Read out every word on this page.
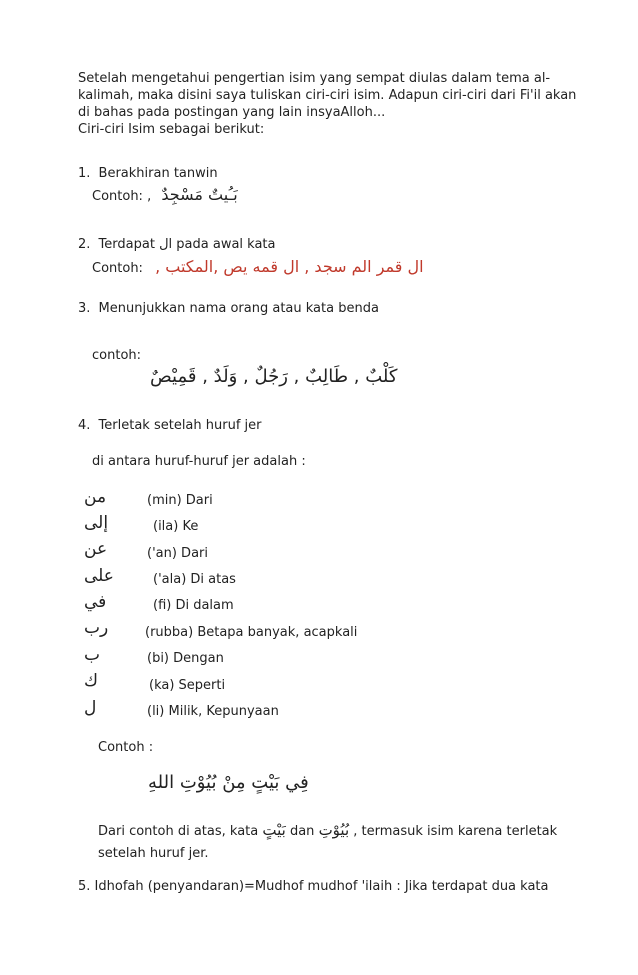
Setelah mengetahui pengertian isim yang sempat diulas dalam tema al-

kalimah, maka disini saya tuliskan ciri-ciri isim. Adapun ciri-ciri dari Fi'il akan

di bahas pada postingan yang lain insyaAlloh...

Ciri-ciri Isim sebagai berikut:

1. Berakhiran tanwin
Contoh: , بَـُيتٌ مَسْجِدٌ
2. Terdapat ال pada awal kata
Contoh: ال قمر الم سجد , ال قمه يص ,المكتب ,
3. Menunjukkan nama orang atau kata benda
contoh:
كَلْبٌ , طَالِبٌ , رَجُلٌ , وَلَدٌ , قَمِيْصٌ
4. Terletak setelah huruf jer
di antara huruf-huruf jer adalah :
من	(min) Dari
إلى	(ila) Ke
عن	('an) Dari
على	('ala) Di atas
في	(fi) Di dalam
رب	(rubba) Betapa banyak, acapkali
ب	(bi) Dengan
ك	(ka) Seperti
ل	(li) Milik, Kepunyaan
Contoh :
فِي بَيْتٍ مِنْ بُيُوْتِ اللهِ
Dari contoh di atas, kata بَيْتٍ dan بُيُوْتِ , termasuk isim karena terletak
setelah huruf jer.
5. Idhofah (penyandaran)=Mudhof mudhof 'ilaih : Jika terdapat dua kata
